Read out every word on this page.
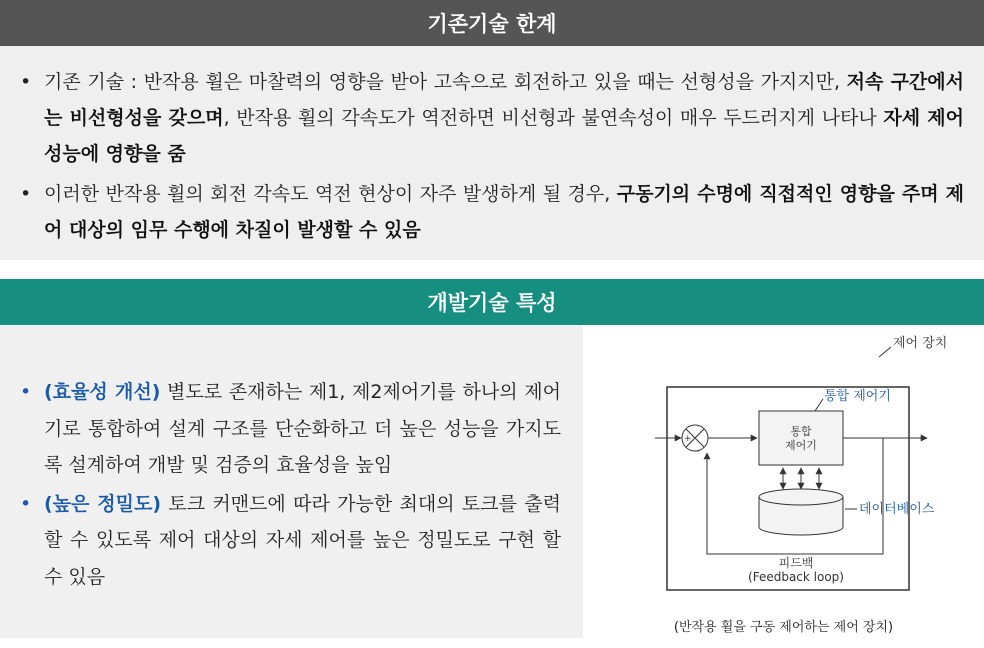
기존기술 한계
• 기존 기술 : 반작용 휠은 마찰력의 영향을 받아 고속으로 회전하고 있을 때는 선형성을 가지지만, 저속 구간에서는 비선형성을 갖으며, 반작용 휠의 각속도가 역전하면 비선형과 불연속성이 매우 두드러지게 나타나 자세 제어 성능에 영향을 줌
• 이러한 반작용 휠의 회전 각속도 역전 현상이 자주 발생하게 될 경우, 구동기의 수명에 직접적인 영향을 주며 제어 대상의 임무 수행에 차질이 발생할 수 있음
개발기술 특성
• (효율성 개선) 별도로 존재하는 제1, 제2제어기를 하나의 제어기로 통합하여 설계 구조를 단순화하고 더 높은 성능을 가지도록 설계하여 개발 및 검증의 효율성을 높임
• (높은 정밀도) 토크 커맨드에 따라 가능한 최대의 토크를 출력할 수 있도록 제어 대상의 자세 제어를 높은 정밀도로 구현 할 수 있음
+
−
통합
제어기
피드백
(Feedback loop)
제어 장치
통합 제어기
데이터베이스
(반작용 휠을 구동 제어하는 제어 장치)
